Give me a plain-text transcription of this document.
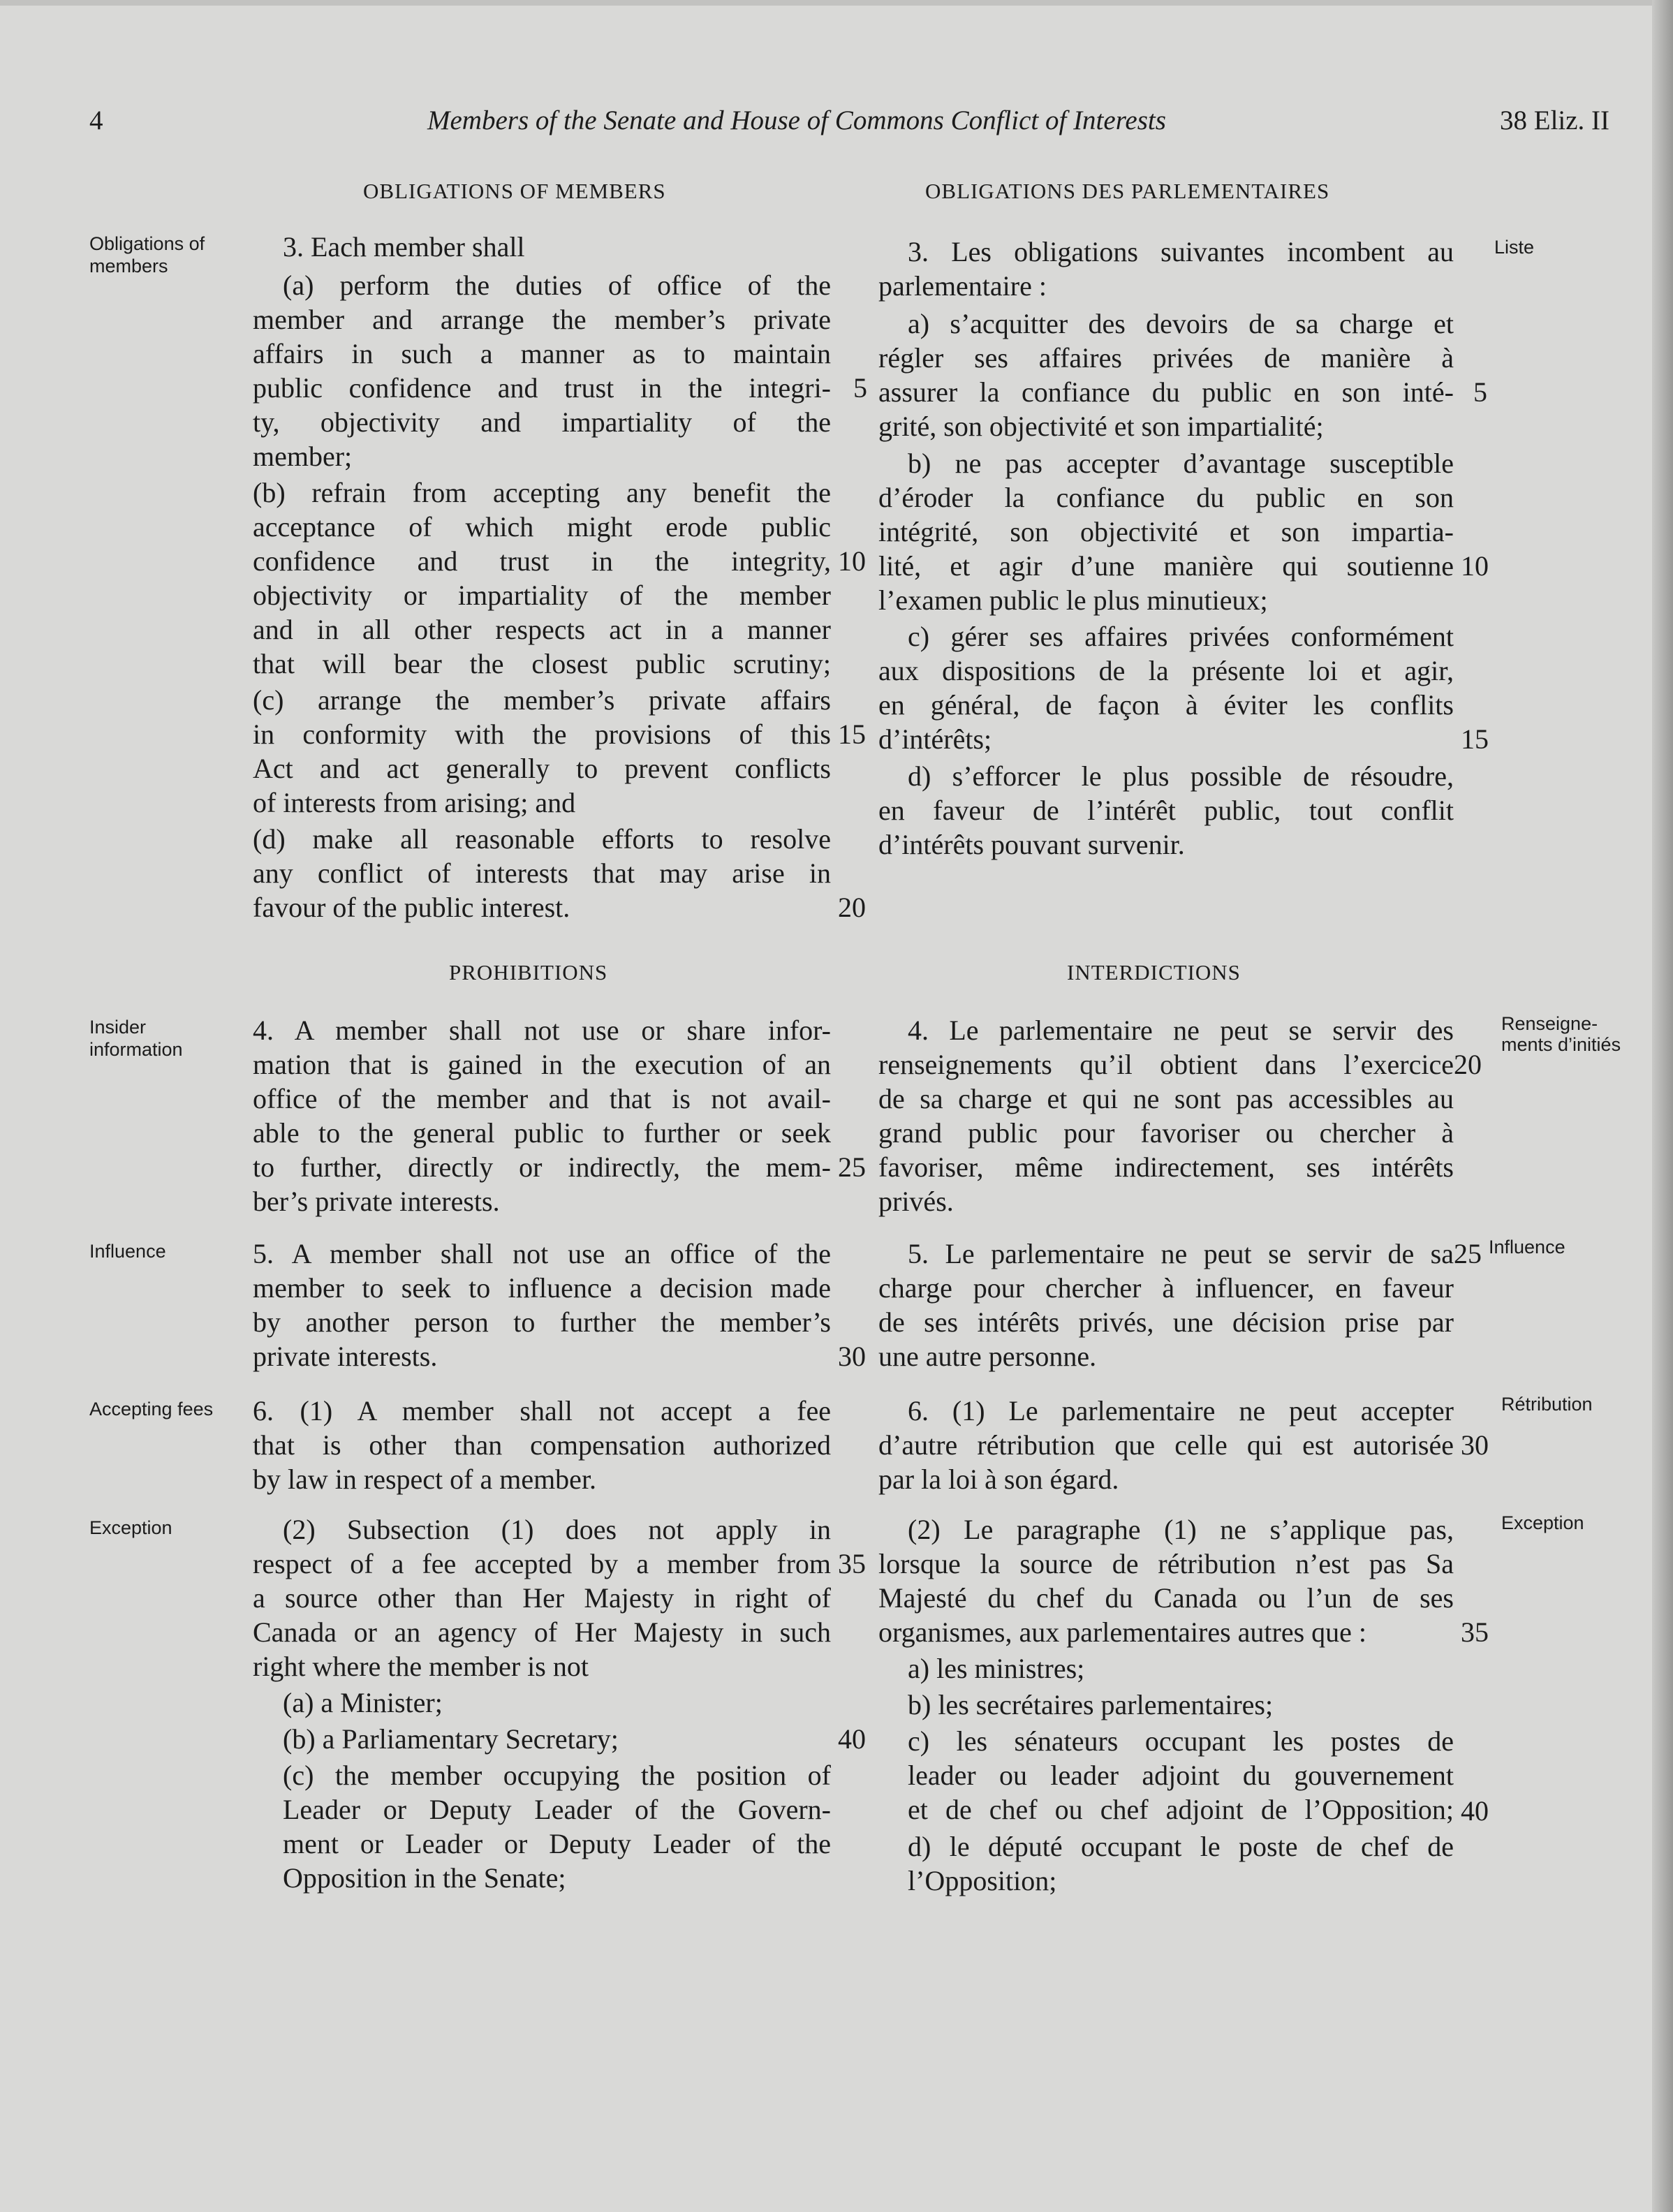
4	Members of the Senate and House of Commons Conflict of Interests	38 Eliz. II
OBLIGATIONS OF MEMBERS	OBLIGATIONS DES PARLEMENTAIRES
PROHIBITIONS	INTERDICTIONS
Obligations of
members
Insider
information
Influence
Accepting fees
Exception
Liste
Renseigne-
ments d’initiés
Influence
Rétribution
Exception
3. Each member shall
(a) perform the duties of office of the
member and arrange the member’s private
affairs in such a manner as to maintain
public confidence and trust in the integri-
ty, objectivity and impartiality of the
member;
(b) refrain from accepting any benefit the
acceptance of which might erode public
confidence and trust in the integrity,
objectivity or impartiality of the member
and in all other respects act in a manner
that will bear the closest public scrutiny;
(c) arrange the member’s private affairs
in conformity with the provisions of this
Act and act generally to prevent conflicts
of interests from arising; and
(d) make all reasonable efforts to resolve
any conflict of interests that may arise in
favour of the public interest.
4. A member shall not use or share infor-
mation that is gained in the execution of an
office of the member and that is not avail-
able to the general public to further or seek
to further, directly or indirectly, the mem-
ber’s private interests.
5. A member shall not use an office of the
member to seek to influence a decision made
by another person to further the member’s
private interests.
6. (1) A member shall not accept a fee
that is other than compensation authorized
by law in respect of a member.
(2) Subsection (1) does not apply in
respect of a fee accepted by a member from
a source other than Her Majesty in right of
Canada or an agency of Her Majesty in such
right where the member is not
(a) a Minister;
(b) a Parliamentary Secretary;
(c) the member occupying the position of
Leader or Deputy Leader of the Govern-
ment or Leader or Deputy Leader of the
Opposition in the Senate;
5
10
15
20
25
30
35
40
3. Les obligations suivantes incombent au
parlementaire :
a) s’acquitter des devoirs de sa charge et
régler ses affaires privées de manière à
assurer la confiance du public en son inté-
grité, son objectivité et son impartialité;
b) ne pas accepter d’avantage susceptible
d’éroder la confiance du public en son
intégrité, son objectivité et son impartia-
lité, et agir d’une manière qui soutienne
l’examen public le plus minutieux;
c) gérer ses affaires privées conformément
aux dispositions de la présente loi et agir,
en général, de façon à éviter les conflits
d’intérêts;
d) s’efforcer le plus possible de résoudre,
en faveur de l’intérêt public, tout conflit
d’intérêts pouvant survenir.
4. Le parlementaire ne peut se servir des
renseignements qu’il obtient dans l’exercice
de sa charge et qui ne sont pas accessibles au
grand public pour favoriser ou chercher à
favoriser, même indirectement, ses intérêts
privés.
5. Le parlementaire ne peut se servir de sa
charge pour chercher à influencer, en faveur
de ses intérêts privés, une décision prise par
une autre personne.
6. (1) Le parlementaire ne peut accepter
d’autre rétribution que celle qui est autorisée
par la loi à son égard.
(2) Le paragraphe (1) ne s’applique pas,
lorsque la source de rétribution n’est pas Sa
Majesté du chef du Canada ou l’un de ses
organismes, aux parlementaires autres que :
a) les ministres;
b) les secrétaires parlementaires;
c) les sénateurs occupant les postes de
leader ou leader adjoint du gouvernement
et de chef ou chef adjoint de l’Opposition;
d) le député occupant le poste de chef de
l’Opposition;
5
10
15
20
25
30
35
40
